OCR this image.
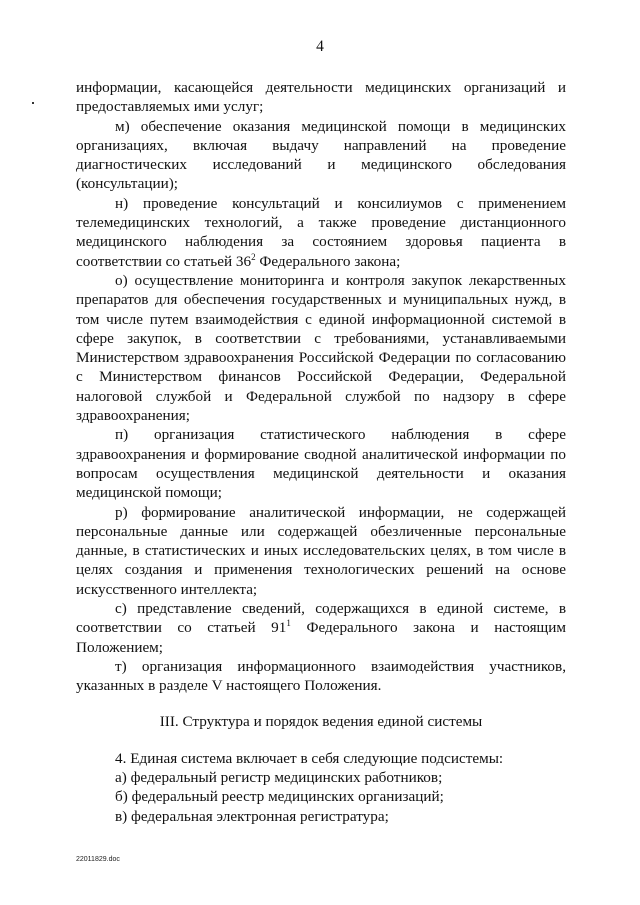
4

информации, касающейся деятельности медицинских организаций и предоставляемых ими услуг;

м) обеспечение оказания медицинской помощи в медицинских организациях, включая выдачу направлений на проведение диагностических исследований и медицинского обследования (консультации);

н) проведение консультаций и консилиумов с применением телемедицинских технологий, а также проведение дистанционного медицинского наблюдения за состоянием здоровья пациента в соответствии со статьей $36^2$ Федерального закона;

о) осуществление мониторинга и контроля закупок лекарственных препаратов для обеспечения государственных и муниципальных нужд, в том числе путем взаимодействия с единой информационной системой в сфере закупок, в соответствии с требованиями, устанавливаемыми Министерством здравоохранения Российской Федерации по согласованию с Министерством финансов Российской Федерации, Федеральной налоговой службой и Федеральной службой по надзору в сфере здравоохранения;

п) организация статистического наблюдения в сфере здравоохранения и формирование сводной аналитической информации по вопросам осуществления медицинской деятельности и оказания медицинской помощи;

р) формирование аналитической информации, не содержащей персональные данные или содержащей обезличенные персональные данные, в статистических и иных исследовательских целях, в том числе в целях создания и применения технологических решений на основе искусственного интеллекта;

с) представление сведений, содержащихся в единой системе, в соответствии со статьей $91^1$ Федерального закона и настоящим Положением;

т) организация информационного взаимодействия участников, указанных в разделе V настоящего Положения.

III. Структура и порядок ведения единой системы

4. Единая система включает в себя следующие подсистемы:

а) федеральный регистр медицинских работников;

б) федеральный реестр медицинских организаций;

в) федеральная электронная регистратура;

22011829.doc
